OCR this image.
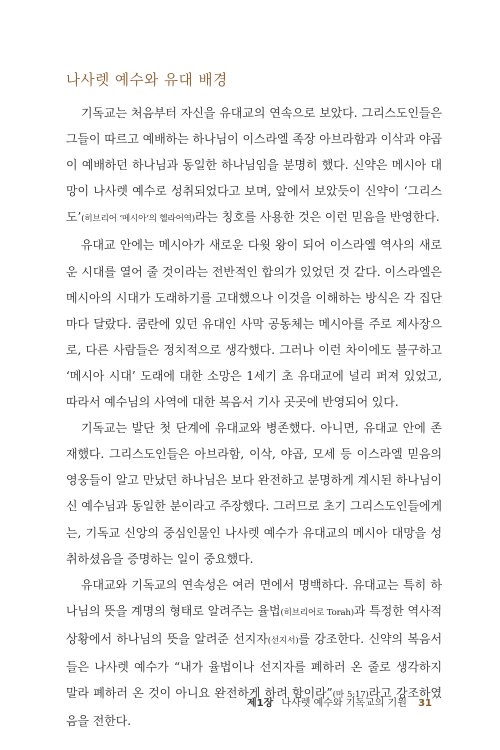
나사렛 예수와 유대 배경

기독교는 처음부터 자신을 유대교의 연속으로 보았다. 그리스도인들은 그들이 따르고 예배하는 하나님이 이스라엘 족장 아브라함과 이삭과 야곱이 예배하던 하나님과 동일한 하나님임을 분명히 했다. 신약은 메시아 대망이 나사렛 예수로 성취되었다고 보며, 앞에서 보았듯이 신약이 ‘그리스도’(히브리어 ‘메시아’의 헬라어역)라는 칭호를 사용한 것은 이런 믿음을 반영한다.

유대교 안에는 메시아가 새로운 다윗 왕이 되어 이스라엘 역사의 새로운 시대를 열어 줄 것이라는 전반적인 합의가 있었던 것 같다. 이스라엘은 메시아의 시대가 도래하기를 고대했으나 이것을 이해하는 방식은 각 집단마다 달랐다. 쿰란에 있던 유대인 사막 공동체는 메시아를 주로 제사장으로, 다른 사람들은 정치적으로 생각했다. 그러나 이런 차이에도 불구하고 ‘메시아 시대’ 도래에 대한 소망은 1세기 초 유대교에 널리 퍼져 있었고, 따라서 예수님의 사역에 대한 복음서 기사 곳곳에 반영되어 있다.

기독교는 발단 첫 단계에 유대교와 병존했다. 아니면, 유대교 안에 존재했다. 그리스도인들은 아브라함, 이삭, 야곱, 모세 등 이스라엘 믿음의 영웅들이 알고 만났던 하나님은 보다 완전하고 분명하게 계시된 하나님이신 예수님과 동일한 분이라고 주장했다. 그러므로 초기 그리스도인들에게는, 기독교 신앙의 중심인물인 나사렛 예수가 유대교의 메시아 대망을 성취하셨음을 증명하는 일이 중요했다.

유대교와 기독교의 연속성은 여러 면에서 명백하다. 유대교는 특히 하나님의 뜻을 계명의 형태로 알려주는 율법(히브리어로 Torah)과 특정한 역사적 상황에서 하나님의 뜻을 알려준 선지자(선지서)를 강조한다. 신약의 복음서들은 나사렛 예수가 “내가 율법이나 선지자를 폐하러 온 줄로 생각하지 말라 폐하러 온 것이 아니요 완전하게 하려 함이라”(마 5:17)라고 강조하였음을 전한다.

제1장 나사렛 예수와 기독교의 기원 31
